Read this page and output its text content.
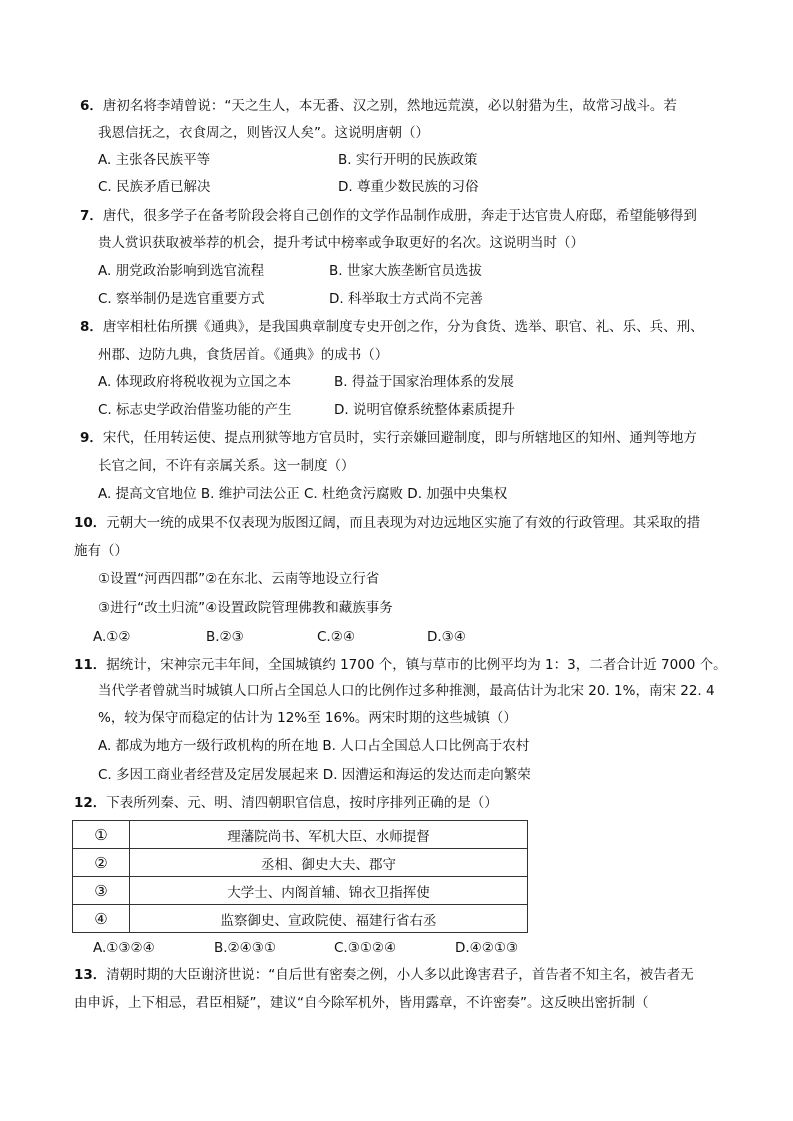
6．唐初名将李靖曾说：“天之生人，本无番、汉之别，然地远荒漠，必以射猎为生，故常习战斗。若
我恩信抚之，衣食周之，则皆汉人矣”。这说明唐朝（）
A. 主张各民族平等	B. 实行开明的民族政策
C. 民族矛盾已解决	D. 尊重少数民族的习俗
7．唐代，很多学子在备考阶段会将自己创作的文学作品制作成册，奔走于达官贵人府邸，希望能够得到
贵人赏识获取被举荐的机会，提升考试中榜率或争取更好的名次。这说明当时（）
A. 朋党政治影响到选官流程	B. 世家大族垄断官员选拔
C. 察举制仍是选官重要方式	D. 科举取士方式尚不完善
8．唐宰相杜佑所撰《通典》，是我国典章制度专史开创之作，分为食货、选举、职官、礼、乐、兵、刑、
州郡、边防九典，食货居首。《通典》的成书（）
A. 体现政府将税收视为立国之本	B. 得益于国家治理体系的发展
C. 标志史学政治借鉴功能的产生	D. 说明官僚系统整体素质提升
9．宋代，任用转运使、提点刑狱等地方官员时，实行亲嫌回避制度，即与所辖地区的知州、通判等地方
长官之间，不许有亲属关系。这一制度（）
A. 提高文官地位 B. 维护司法公正 C. 杜绝贪污腐败 D. 加强中央集权
10．元朝大一统的成果不仅表现为版图辽阔，而且表现为对边远地区实施了有效的行政管理。其采取的措
施有（）
①设置“河西四郡”②在东北、云南等地设立行省
③进行“改土归流”④设置政院管理佛教和藏族事务
A.①②	B.②③	C.②④	D.③④
11．据统计，宋神宗元丰年间，全国城镇约 1700 个，镇与草市的比例平均为 1：3，二者合计近 7000 个。
当代学者曾就当时城镇人口所占全国总人口的比例作过多种推测，最高估计为北宋 20. 1%，南宋 22. 4
%，较为保守而稳定的估计为 12%至 16%。两宋时期的这些城镇（）
A. 都成为地方一级行政机构的所在地 B. 人口占全国总人口比例高于农村
C. 多因工商业者经营及定居发展起来 D. 因漕运和海运的发达而走向繁荣
12．下表所列秦、元、明、清四朝职官信息，按时序排列正确的是（）
①	理藩院尚书、军机大臣、水师提督
②	丞相、御史大夫、郡守
③	大学士、内阁首辅、锦衣卫指挥使
④	监察御史、宣政院使、福建行省右丞
A.①③②④	B.②④③①	C.③①②④	D.④②①③
13．清朝时期的大臣谢济世说：“自后世有密奏之例，小人多以此谗害君子，首告者不知主名，被告者无
由申诉，上下相忌，君臣相疑”，建议“自今除军机外，皆用露章，不许密奏”。这反映出密折制（
